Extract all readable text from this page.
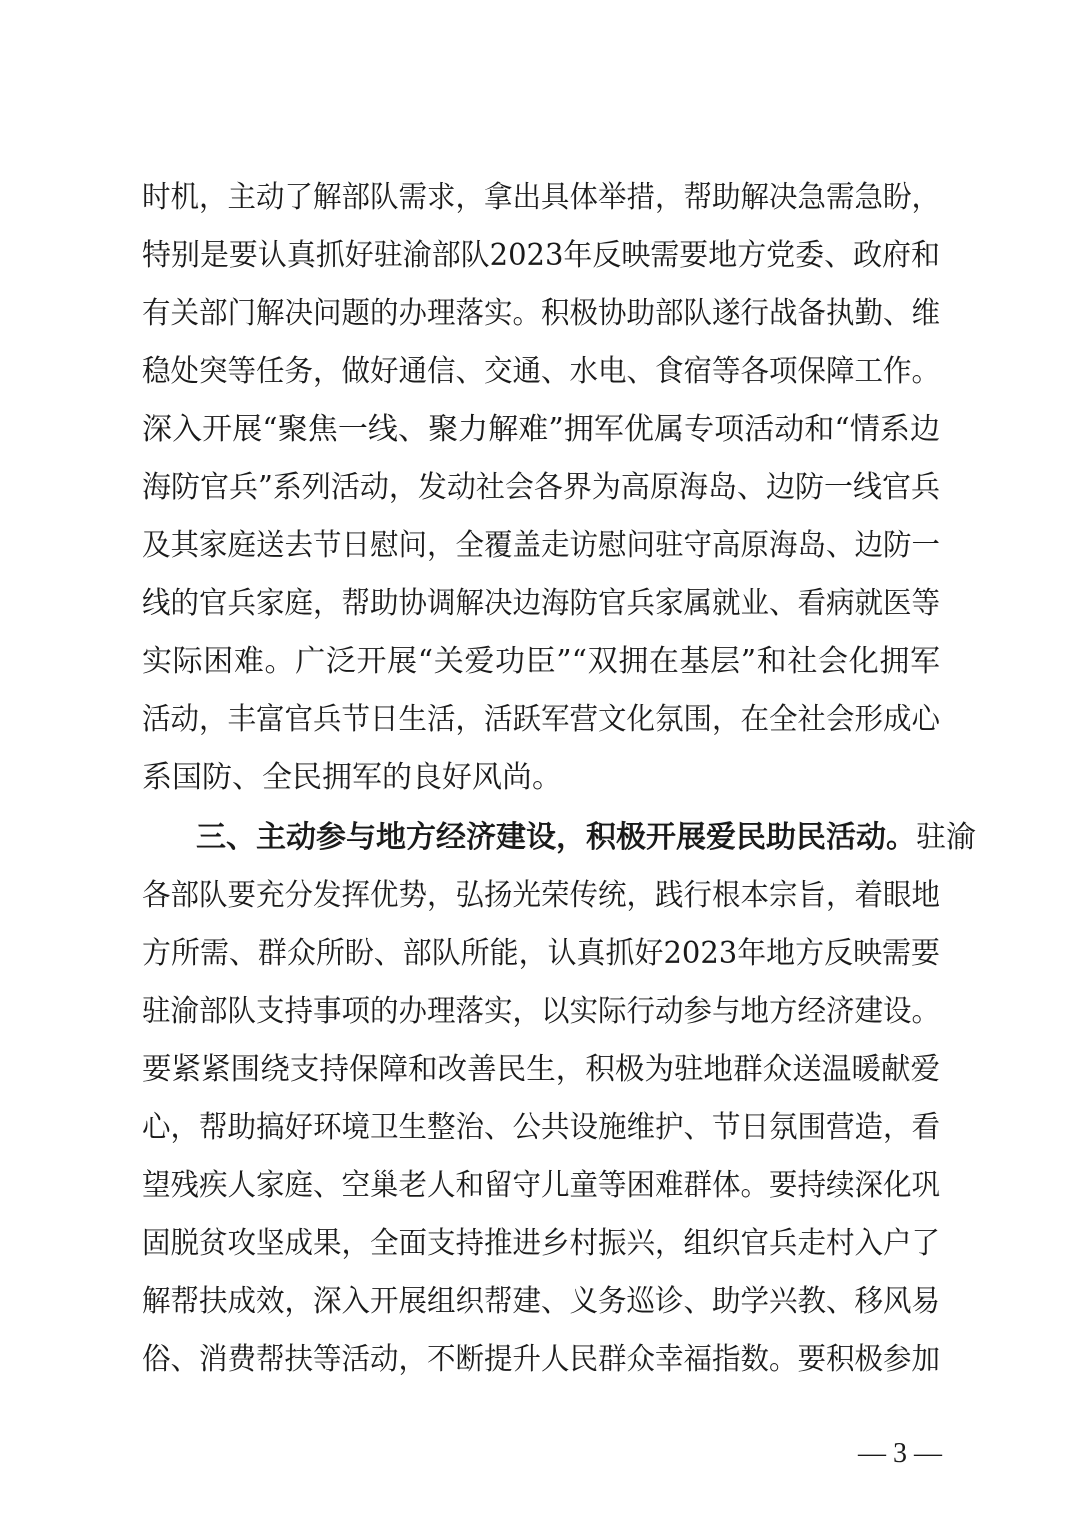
时机，主动了解部队需求，拿出具体举措，帮助解决急需急盼，
特别是要认真抓好驻渝部队2023年反映需要地方党委、政府和
有关部门解决问题的办理落实。积极协助部队遂行战备执勤、维
稳处突等任务，做好通信、交通、水电、食宿等各项保障工作。
深入开展“聚焦一线、聚力解难”拥军优属专项活动和“情系边
海防官兵”系列活动，发动社会各界为高原海岛、边防一线官兵
及其家庭送去节日慰问，全覆盖走访慰问驻守高原海岛、边防一
线的官兵家庭，帮助协调解决边海防官兵家属就业、看病就医等
实际困难。广泛开展“关爱功臣”“双拥在基层”和社会化拥军
活动，丰富官兵节日生活，活跃军营文化氛围，在全社会形成心
系国防、全民拥军的良好风尚。
三、主动参与地方经济建设，积极开展爱民助民活动。驻渝
各部队要充分发挥优势，弘扬光荣传统，践行根本宗旨，着眼地
方所需、群众所盼、部队所能，认真抓好2023年地方反映需要
驻渝部队支持事项的办理落实，以实际行动参与地方经济建设。
要紧紧围绕支持保障和改善民生，积极为驻地群众送温暖献爱
心，帮助搞好环境卫生整治、公共设施维护、节日氛围营造，看
望残疾人家庭、空巢老人和留守儿童等困难群体。要持续深化巩
固脱贫攻坚成果，全面支持推进乡村振兴，组织官兵走村入户了
解帮扶成效，深入开展组织帮建、义务巡诊、助学兴教、移风易
俗、消费帮扶等活动，不断提升人民群众幸福指数。要积极参加
— 3 —
